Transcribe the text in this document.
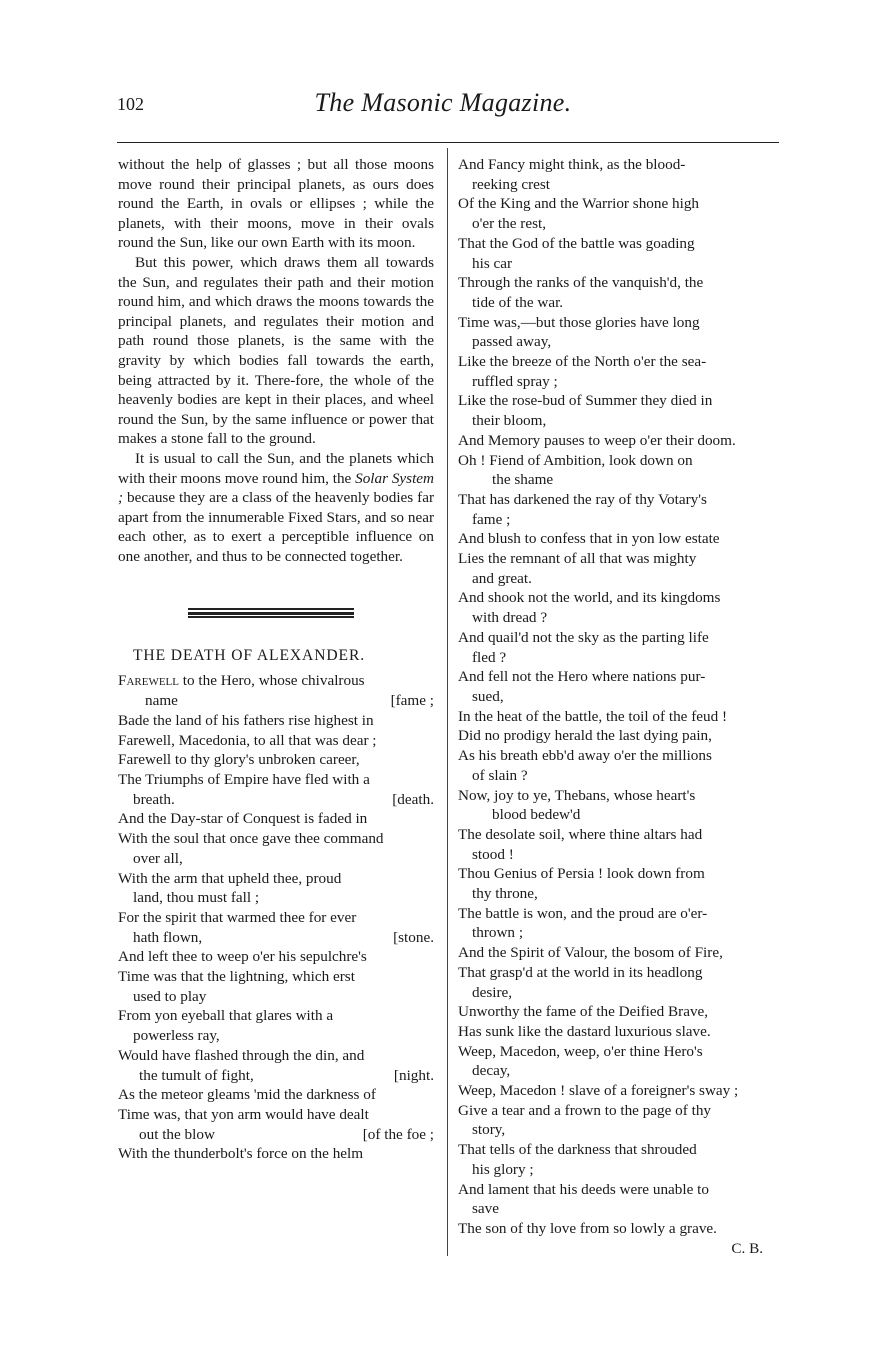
102	The Masonic Magazine.

without the help of glasses ; but all those moons move round their principal planets, as ours does round the Earth, in ovals or ellipses ; while the planets, with their moons, move in their ovals round the Sun, like our own Earth with its moon.

But this power, which draws them all towards the Sun, and regulates their path and their motion round him, and which draws the moons towards the principal planets, and regulates their motion and path round those planets, is the same with the gravity by which bodies fall towards the earth, being attracted by it. There-fore, the whole of the heavenly bodies are kept in their places, and wheel round the Sun, by the same influence or power that makes a stone fall to the ground.

It is usual to call the Sun, and the planets which with their moons move round him, the Solar System ; because they are a class of the heavenly bodies far apart from the innumerable Fixed Stars, and so near each other, as to exert a perceptible influence on one another, and thus to be connected together.

THE DEATH OF ALEXANDER.
Farewell to the Hero, whose chivalrous
name	[fame ;
Bade the land of his fathers rise highest in
Farewell, Macedonia, to all that was dear ;
Farewell to thy glory's unbroken career,
The Triumphs of Empire have fled with a
breath.	[death.
And the Day-star of Conquest is faded in
With the soul that once gave thee command
over all,
With the arm that upheld thee, proud
land, thou must fall ;
For the spirit that warmed thee for ever
hath flown,	[stone.
And left thee to weep o'er his sepulchre's
Time was that the lightning, which erst
used to play
From yon eyeball that glares with a
powerless ray,
Would have flashed through the din, and
the tumult of fight,	[night.
As the meteor gleams 'mid the darkness of
Time was, that yon arm would have dealt
out the blow	[of the foe ;
With the thunderbolt's force on the helm
And Fancy might think, as the blood-
reeking crest
Of the King and the Warrior shone high
o'er the rest,
That the God of the battle was goading
his car
Through the ranks of the vanquish'd, the
tide of the war.
Time was,—but those glories have long
passed away,
Like the breeze of the North o'er the sea-
ruffled spray ;
Like the rose-bud of Summer they died in
their bloom,
And Memory pauses to weep o'er their doom.
Oh ! Fiend of Ambition, look down on
the shame
That has darkened the ray of thy Votary's
fame ;
And blush to confess that in yon low estate
Lies the remnant of all that was mighty
and great.
And shook not the world, and its kingdoms
with dread ?
And quail'd not the sky as the parting life
fled ?
And fell not the Hero where nations pur-
sued,
In the heat of the battle, the toil of the feud !
Did no prodigy herald the last dying pain,
As his breath ebb'd away o'er the millions
of slain ?
Now, joy to ye, Thebans, whose heart's
blood bedew'd
The desolate soil, where thine altars had
stood !
Thou Genius of Persia ! look down from
thy throne,
The battle is won, and the proud are o'er-
thrown ;
And the Spirit of Valour, the bosom of Fire,
That grasp'd at the world in its headlong
desire,
Unworthy the fame of the Deified Brave,
Has sunk like the dastard luxurious slave.
Weep, Macedon, weep, o'er thine Hero's
decay,
Weep, Macedon ! slave of a foreigner's sway ;
Give a tear and a frown to the page of thy
story,
That tells of the darkness that shrouded
his glory ;
And lament that his deeds were unable to
save
The son of thy love from so lowly a grave.
C. B.
